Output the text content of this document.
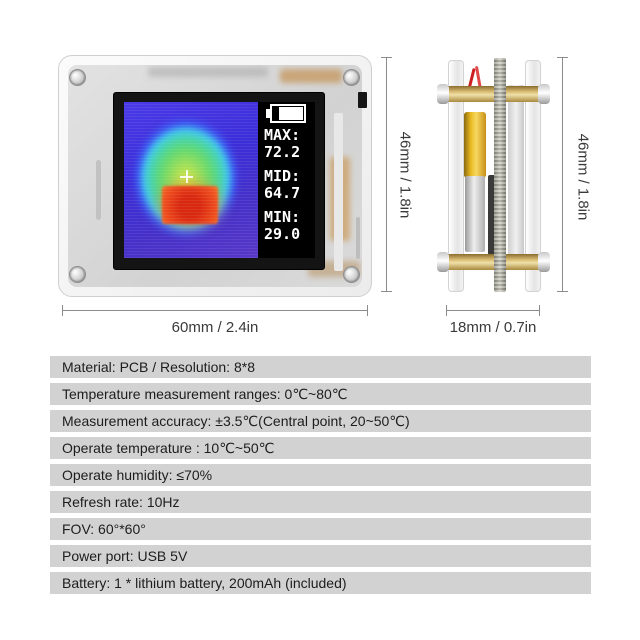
MAX:
72.2
MID:
64.7
MIN:
29.0
46mm / 1.8in	46mm / 1.8in
60mm / 2.4in	18mm / 0.7in
Material: PCB / Resolution: 8*8
Temperature measurement ranges: 0℃~80℃
Measurement accuracy: ±3.5℃(Central point, 20~50℃)
Operate temperature : 10℃~50℃
Operate humidity: ≤70%
Refresh rate: 10Hz
FOV: 60°*60°
Power port: USB 5V
Battery: 1 * lithium battery, 200mAh (included)
